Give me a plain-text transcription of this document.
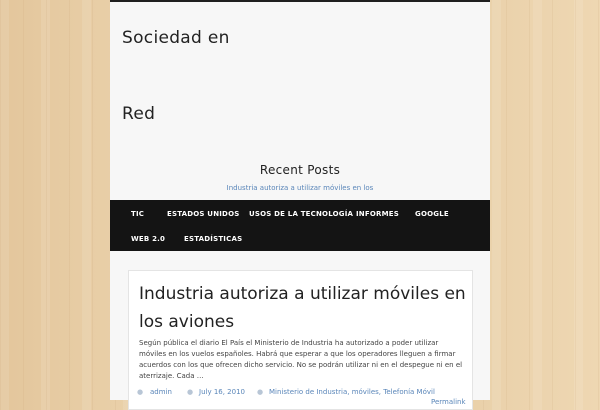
Sociedad en
Red
Recent Posts
Industria autoriza a utilizar móviles en los
TIC	ESTADOS UNIDOS USOS DE LA TECNOLOGÍA INFORMES GOOGLE
WEB 2.0	ESTADÍSTICAS
Industria autoriza a utilizar móviles en los aviones
Según pública el diario El País el Ministerio de Industria ha autorizado a poder utilizar móviles en los vuelos españoles. Habrá que esperar a que los operadores lleguen a firmar acuerdos con los que ofrecen dicho servicio. No se podrán utilizar ni en el despegue ni en el aterrizaje. Cada …
● admin ● July 16, 2010 ● Ministerio de Industria, móviles, Telefonía Móvil
Permalink
